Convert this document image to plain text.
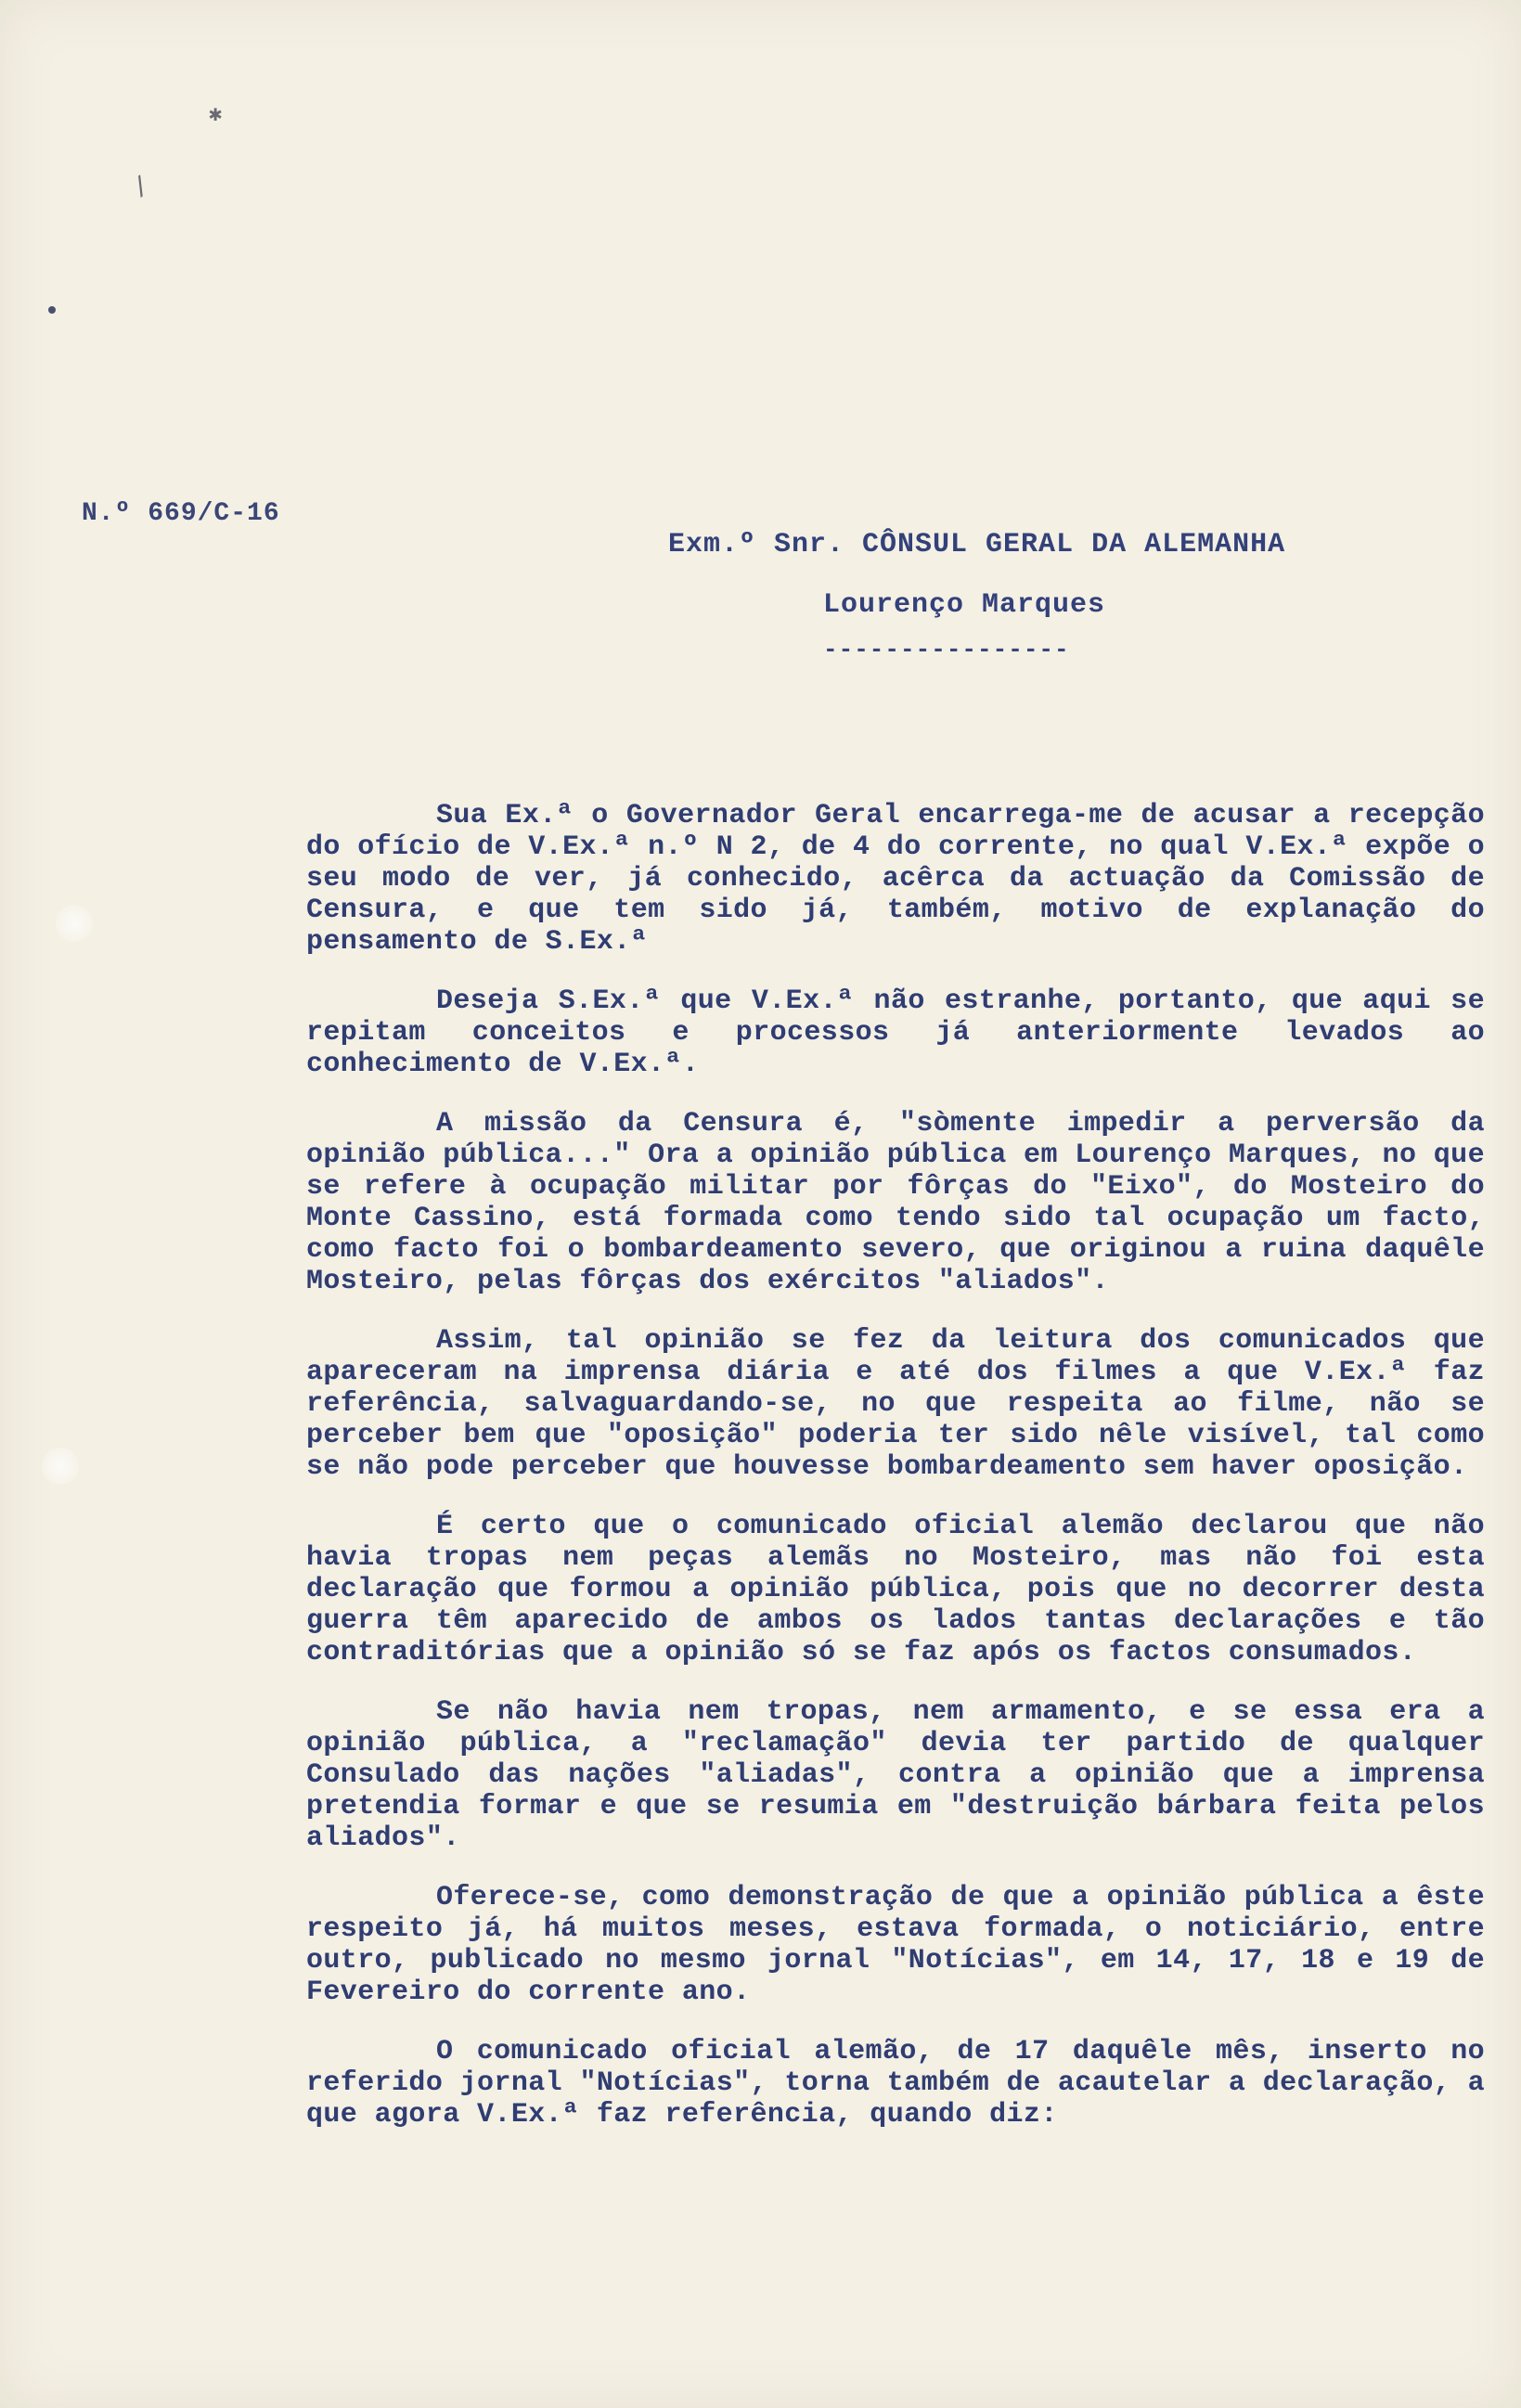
✱
/
N.º 669/C-16
Exm.º Snr. CÔNSUL GERAL DA ALEMANHA
Lourenço Marques
----------------

Sua Ex.ª o Governador Geral encarrega-me de acusar a recepção do ofício de V.Ex.ª n.º N 2, de 4 do corrente, no qual V.Ex.ª expõe o seu modo de ver, já conhecido, acêrca da actuação da Comissão de Censura, e que tem sido já, também, motivo de explanação do pensamento de S.Ex.ª

Deseja S.Ex.ª que V.Ex.ª não estranhe, portanto, que aqui se repitam conceitos e processos já anteriormente levados ao conhecimento de V.Ex.ª.

A missão da Censura é, "sòmente impedir a perversão da opinião pública..." Ora a opinião pública em Lourenço Marques, no que se refere à ocupação militar por fôrças do "Eixo", do Mosteiro do Monte Cassino, está formada como tendo sido tal ocupação um facto, como facto foi o bombardeamento severo, que originou a ruina daquêle Mosteiro, pelas fôrças dos exércitos "aliados".

Assim, tal opinião se fez da leitura dos comunicados que apareceram na imprensa diária e até dos filmes a que V.Ex.ª faz referência, salvaguardando-se, no que respeita ao filme, não se perceber bem que "oposição" poderia ter sido nêle visível, tal como se não pode perceber que houvesse bombardeamento sem haver oposição.

É certo que o comunicado oficial alemão declarou que não havia tropas nem peças alemãs no Mosteiro, mas não foi esta declaração que formou a opinião pública, pois que no decorrer desta guerra têm aparecido de ambos os lados tantas declarações e tão contraditórias que a opinião só se faz após os factos consumados.

Se não havia nem tropas, nem armamento, e se essa era a opinião pública, a "reclamação" devia ter partido de qualquer Consulado das nações "aliadas", contra a opinião que a imprensa pretendia formar e que se resumia em "destruição bárbara feita pelos aliados".

Oferece-se, como demonstração de que a opinião pública a êste respeito já, há muitos meses, estava formada, o noticiário, entre outro, publicado no mesmo jornal "Notícias", em 14, 17, 18 e 19 de Fevereiro do corrente ano.

O comunicado oficial alemão, de 17 daquêle mês, inserto no referido jornal "Notícias", torna também de acautelar a declaração, a que agora V.Ex.ª faz referência, quando diz:
